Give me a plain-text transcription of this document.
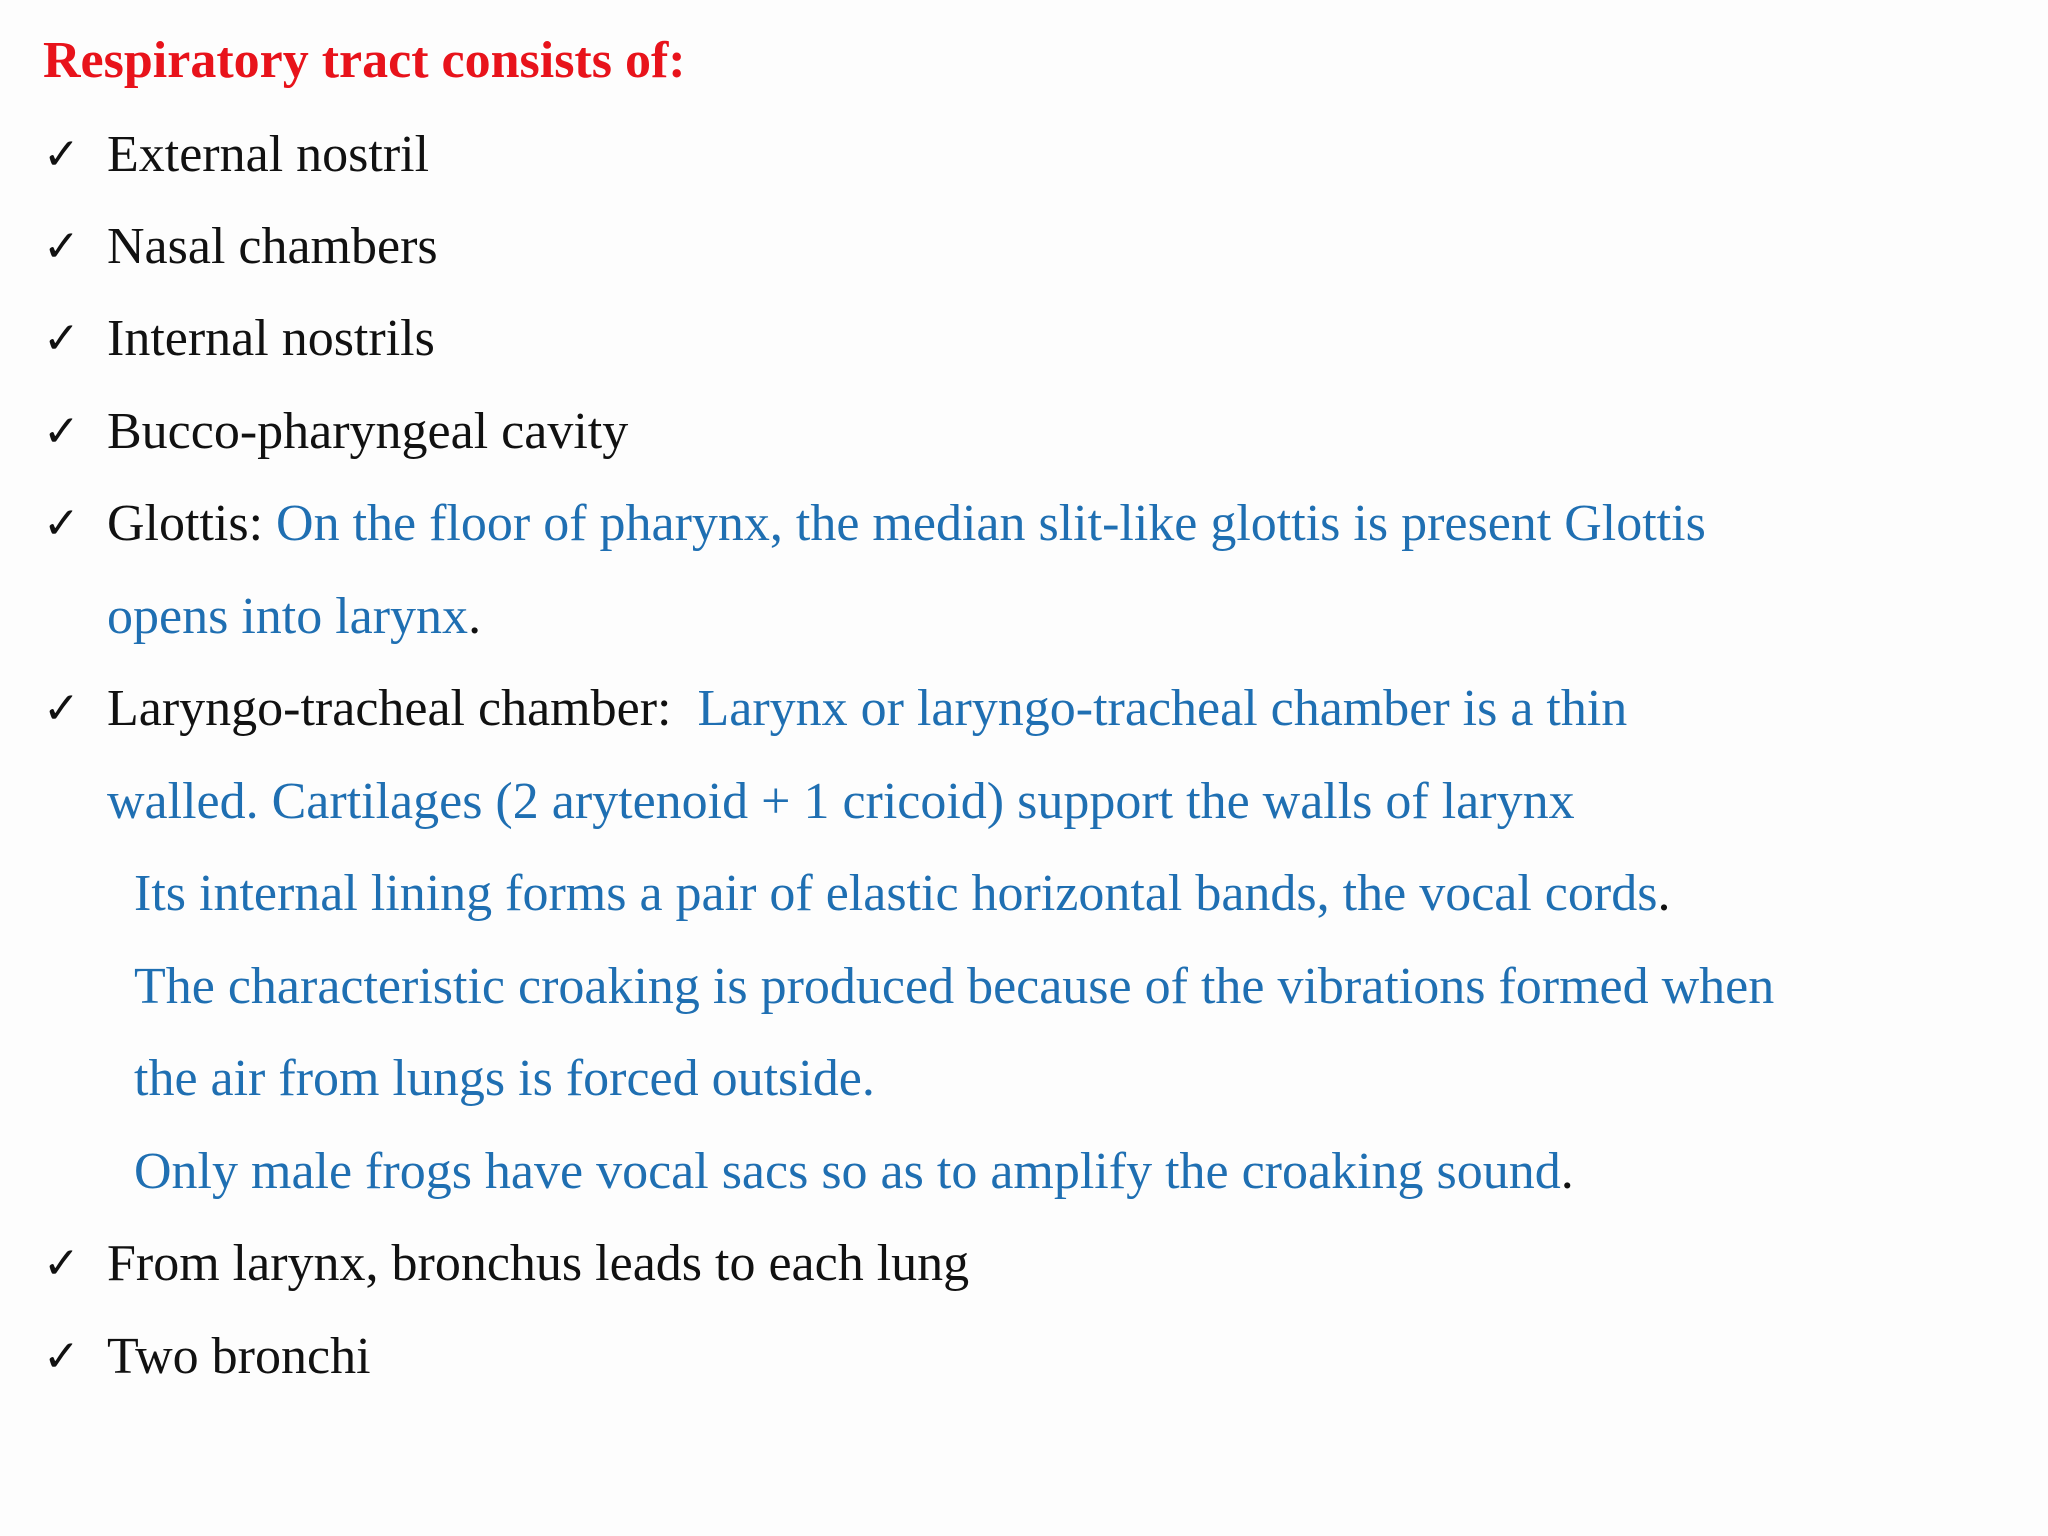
Respiratory tract consists of:
✓ External nostril
✓ Nasal chambers
✓ Internal nostrils
✓ Bucco-pharyngeal cavity
✓ Glottis: On the floor of pharynx, the median slit-like glottis is present Glottis
opens into larynx.
✓ Laryngo-tracheal chamber: Larynx or laryngo-tracheal chamber is a thin
walled. Cartilages (2 arytenoid + 1 cricoid) support the walls of larynx
Its internal lining forms a pair of elastic horizontal bands, the vocal cords.
The characteristic croaking is produced because of the vibrations formed when
the air from lungs is forced outside.
Only male frogs have vocal sacs so as to amplify the croaking sound.
✓ From larynx, bronchus leads to each lung
✓ Two bronchi
